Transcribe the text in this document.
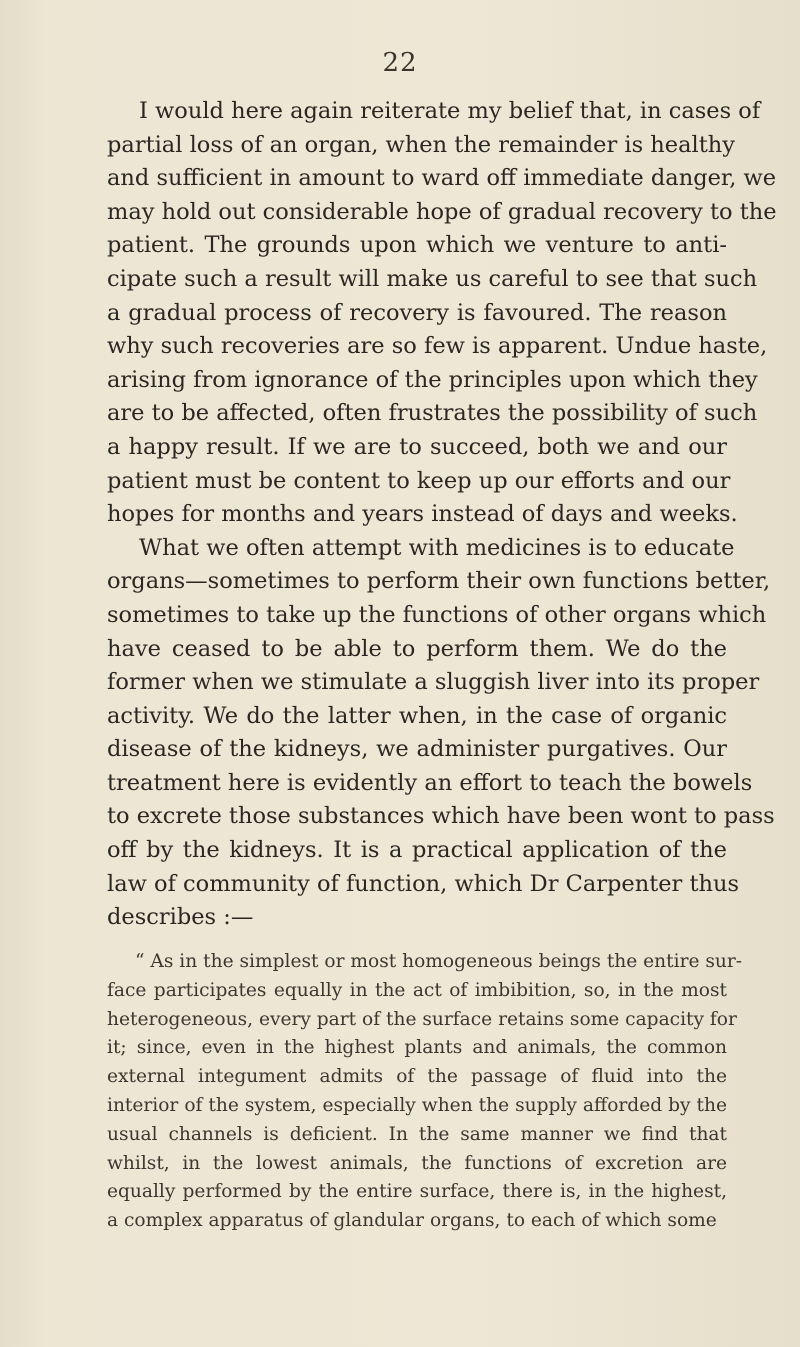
22
I would here again reiterate my belief that, in cases of
partial loss of an organ, when the remainder is healthy
and sufficient in amount to ward off immediate danger, we
may hold out considerable hope of gradual recovery to the
patient. The grounds upon which we venture to anti-
cipate such a result will make us careful to see that such
a gradual process of recovery is favoured. The reason
why such recoveries are so few is apparent. Undue haste,
arising from ignorance of the principles upon which they
are to be affected, often frustrates the possibility of such
a happy result. If we are to succeed, both we and our
patient must be content to keep up our efforts and our
hopes for months and years instead of days and weeks.
What we often attempt with medicines is to educate
organs—sometimes to perform their own functions better,
sometimes to take up the functions of other organs which
have ceased to be able to perform them. We do the
former when we stimulate a sluggish liver into its proper
activity. We do the latter when, in the case of organic
disease of the kidneys, we administer purgatives. Our
treatment here is evidently an effort to teach the bowels
to excrete those substances which have been wont to pass
off by the kidneys. It is a practical application of the
law of community of function, which Dr Carpenter thus
describes :—
“ As in the simplest or most homogeneous beings the entire sur-
face participates equally in the act of imbibition, so, in the most
heterogeneous, every part of the surface retains some capacity for
it; since, even in the highest plants and animals, the common
external integument admits of the passage of fluid into the
interior of the system, especially when the supply afforded by the
usual channels is deficient. In the same manner we find that
whilst, in the lowest animals, the functions of excretion are
equally performed by the entire surface, there is, in the highest,
a complex apparatus of glandular organs, to each of which some
